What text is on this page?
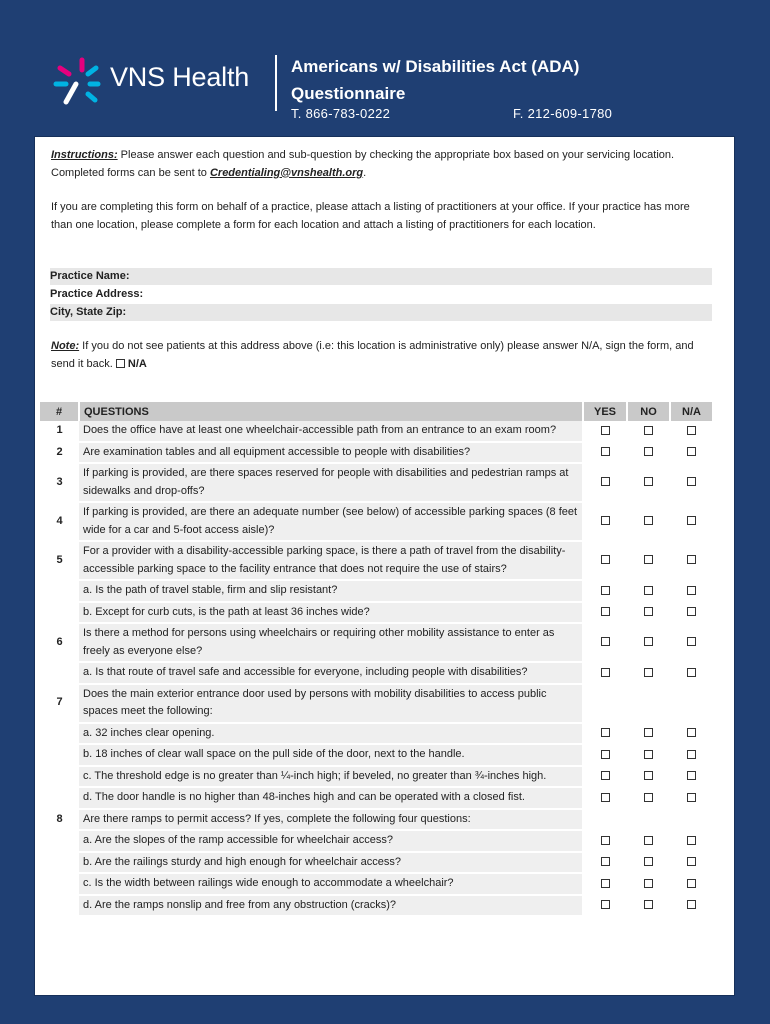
VNS Health Americans w/ Disabilities Act (ADA)
Questionnaire
T. 866-783-0222	F. 212-609-1780
Instructions: Please answer each question and sub-question by checking the appropriate box based on your servicing location. Completed forms can be sent to Credentialing@vnshealth.org.
If you are completing this form on behalf of a practice, please attach a listing of practitioners at your office. If your practice has more than one location, please complete a form for each location and attach a listing of practitioners for each location.
Practice Name:
Practice Address:
City, State Zip:
Note: If you do not see patients at this address above (i.e: this location is administrative only) please answer N/A, sign the form, and send it back.  N/A
#	QUESTIONS	YES	NO	N/A
1	Does the office have at least one wheelchair-accessible path from an entrance to an exam room?			
2	Are examination tables and all equipment accessible to people with disabilities?			
3	If parking is provided, are there spaces reserved for people with disabilities and pedestrian ramps at sidewalks and drop-offs?			
4	If parking is provided, are there an adequate number (see below) of accessible parking spaces (8 feet wide for a car and 5-foot access aisle)?			
5	For a provider with a disability-accessible parking space, is there a path of travel from the disability-accessible parking space to the facility entrance that does not require the use of stairs?			
	a. Is the path of travel stable, firm and slip resistant?			
	b. Except for curb cuts, is the path at least 36 inches wide?			
6	Is there a method for persons using wheelchairs or requiring other mobility assistance to enter as freely as everyone else?			
	a. Is that route of travel safe and accessible for everyone, including people with disabilities?			
7	Does the main exterior entrance door used by persons with mobility disabilities to access public spaces meet the following:			
	a. 32 inches clear opening.			
	b. 18 inches of clear wall space on the pull side of the door, next to the handle.			
	c. The threshold edge is no greater than ¼-inch high; if beveled, no greater than ¾-inches high.			
	d. The door handle is no higher than 48-inches high and can be operated with a closed fist.			
8	Are there ramps to permit access? If yes, complete the following four questions:			
	a. Are the slopes of the ramp accessible for wheelchair access?			
	b. Are the railings sturdy and high enough for wheelchair access?			
	c. Is the width between railings wide enough to accommodate a wheelchair?			
	d. Are the ramps nonslip and free from any obstruction (cracks)?			
